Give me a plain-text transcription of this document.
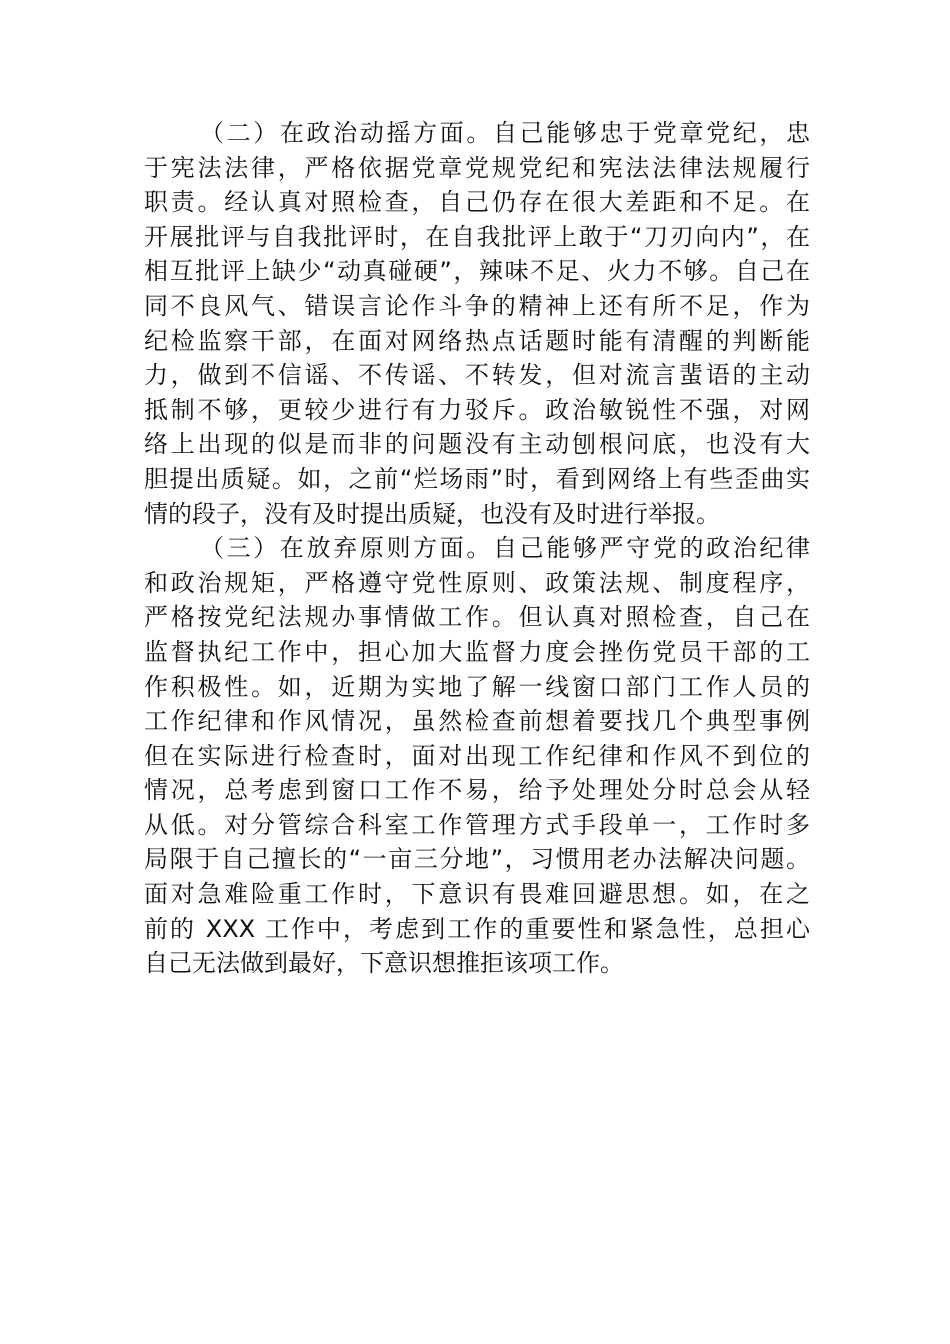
（二）在政治动摇方面。自己能够忠于党章党纪，忠
于宪法法律，严格依据党章党规党纪和宪法法律法规履行
职责。经认真对照检查，自己仍存在很大差距和不足。在
开展批评与自我批评时，在自我批评上敢于“刀刃向内”，在
相互批评上缺少“动真碰硬”，辣味不足、火力不够。自己在
同不良风气、错误言论作斗争的精神上还有所不足，作为
纪检监察干部，在面对网络热点话题时能有清醒的判断能
力，做到不信谣、不传谣、不转发，但对流言蜚语的主动
抵制不够，更较少进行有力驳斥。政治敏锐性不强，对网
络上出现的似是而非的问题没有主动刨根问底，也没有大
胆提出质疑。如，之前“烂场雨”时，看到网络上有些歪曲实
情的段子，没有及时提出质疑，也没有及时进行举报。
（三）在放弃原则方面。自己能够严守党的政治纪律
和政治规矩，严格遵守党性原则、政策法规、制度程序，
严格按党纪法规办事情做工作。但认真对照检查，自己在
监督执纪工作中，担心加大监督力度会挫伤党员干部的工
作积极性。如，近期为实地了解一线窗口部门工作人员的
工作纪律和作风情况，虽然检查前想着要找几个典型事例
但在实际进行检查时，面对出现工作纪律和作风不到位的
情况，总考虑到窗口工作不易，给予处理处分时总会从轻
从低。对分管综合科室工作管理方式手段单一，工作时多
局限于自己擅长的“一亩三分地”，习惯用老办法解决问题。
面对急难险重工作时，下意识有畏难回避思想。如，在之
前的 XXX 工作中，考虑到工作的重要性和紧急性，总担心
自己无法做到最好，下意识想推拒该项工作。
